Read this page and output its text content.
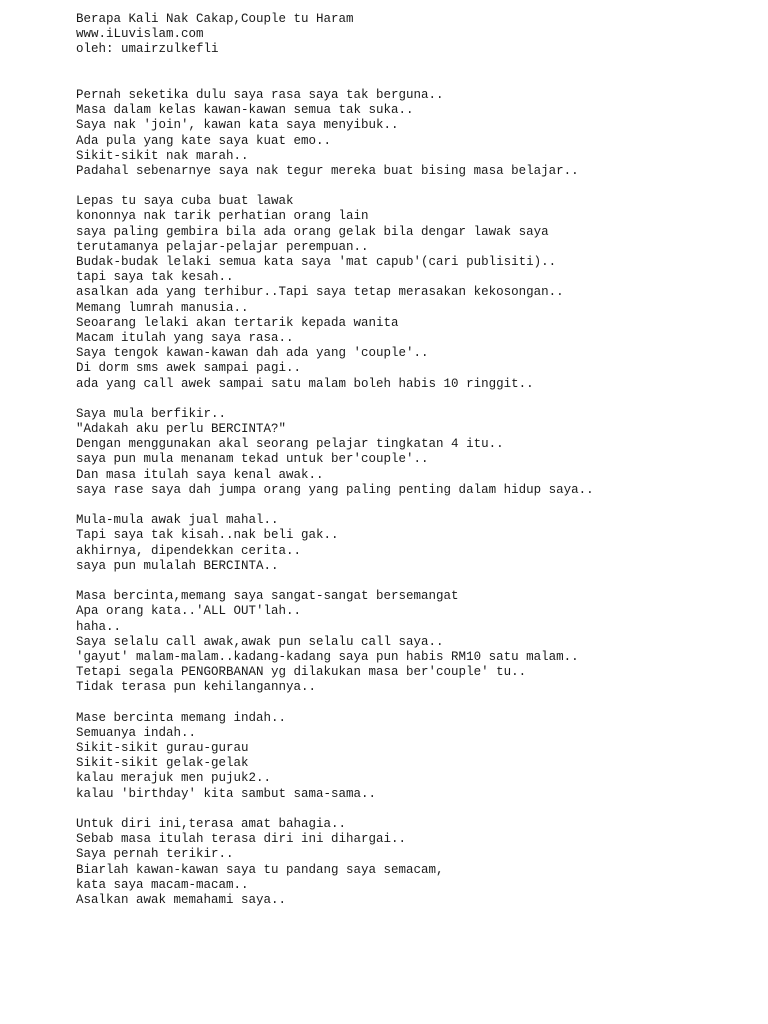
Berapa Kali Nak Cakap,Couple tu Haram
www.iLuvislam.com
oleh: umairzulkefli
Pernah seketika dulu saya rasa saya tak berguna..
Masa dalam kelas kawan-kawan semua tak suka..
Saya nak 'join', kawan kata saya menyibuk..
Ada pula yang kate saya kuat emo..
Sikit-sikit nak marah..
Padahal sebenarnye saya nak tegur mereka buat bising masa belajar..
Lepas tu saya cuba buat lawak
kononnya nak tarik perhatian orang lain
saya paling gembira bila ada orang gelak bila dengar lawak saya
terutamanya pelajar-pelajar perempuan..
Budak-budak lelaki semua kata saya 'mat capub'(cari publisiti)..
tapi saya tak kesah..
asalkan ada yang terhibur..Tapi saya tetap merasakan kekosongan..
Memang lumrah manusia..
Seoarang lelaki akan tertarik kepada wanita
Macam itulah yang saya rasa..
Saya tengok kawan-kawan dah ada yang 'couple'..
Di dorm sms awek sampai pagi..
ada yang call awek sampai satu malam boleh habis 10 ringgit..
Saya mula berfikir..
"Adakah aku perlu BERCINTA?"
Dengan menggunakan akal seorang pelajar tingkatan 4 itu..
saya pun mula menanam tekad untuk ber'couple'..
Dan masa itulah saya kenal awak..
saya rase saya dah jumpa orang yang paling penting dalam hidup saya..
Mula-mula awak jual mahal..
Tapi saya tak kisah..nak beli gak..
akhirnya, dipendekkan cerita..
saya pun mulalah BERCINTA..
Masa bercinta,memang saya sangat-sangat bersemangat
Apa orang kata..'ALL OUT'lah..
haha..
Saya selalu call awak,awak pun selalu call saya..
'gayut' malam-malam..kadang-kadang saya pun habis RM10 satu malam..
Tetapi segala PENGORBANAN yg dilakukan masa ber'couple' tu..
Tidak terasa pun kehilangannya..
Mase bercinta memang indah..
Semuanya indah..
Sikit-sikit gurau-gurau
Sikit-sikit gelak-gelak
kalau merajuk men pujuk2..
kalau 'birthday' kita sambut sama-sama..
Untuk diri ini,terasa amat bahagia..
Sebab masa itulah terasa diri ini dihargai..
Saya pernah terikir..
Biarlah kawan-kawan saya tu pandang saya semacam,
kata saya macam-macam..
Asalkan awak memahami saya..
